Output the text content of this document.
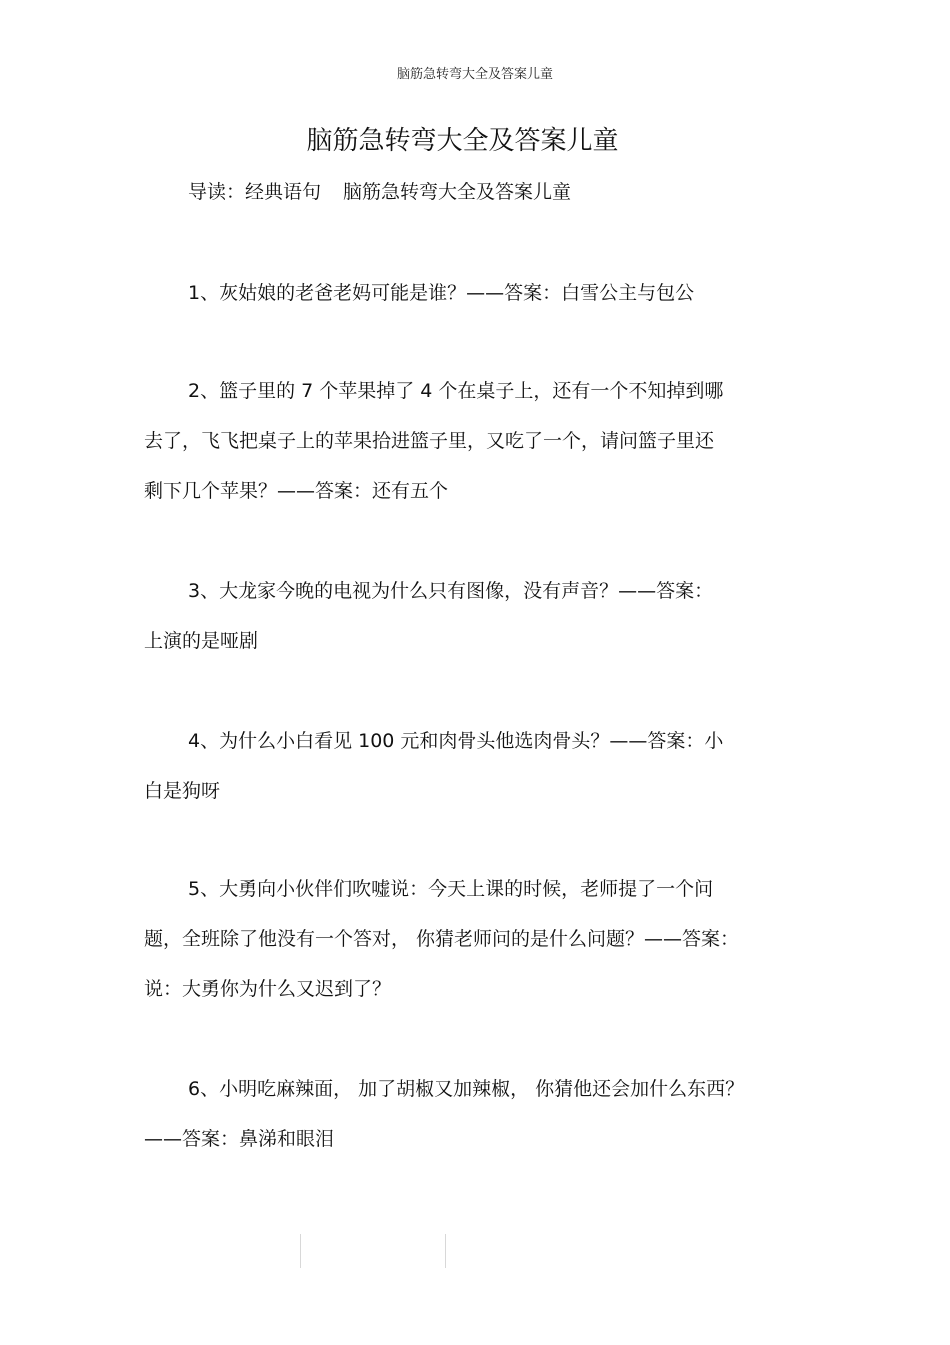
脑筋急转弯大全及答案儿童
脑筋急转弯大全及答案儿童
导读：经典语句 脑筋急转弯大全及答案儿童
1、灰姑娘的老爸老妈可能是谁？——答案：白雪公主与包公
2、篮子里的 7 个苹果掉了 4 个在桌子上，还有一个不知掉到哪
去了，飞飞把桌子上的苹果拾进篮子里，又吃了一个，请问篮子里还
剩下几个苹果？——答案：还有五个
3、大龙家今晚的电视为什么只有图像，没有声音？——答案：
上演的是哑剧
4、为什么小白看见 100 元和肉骨头他选肉骨头？——答案：小
白是狗呀
5、大勇向小伙伴们吹嘘说：今天上课的时候，老师提了一个问
题，全班除了他没有一个答对， 你猜老师问的是什么问题？——答案：
说：大勇你为什么又迟到了？
6、小明吃麻辣面， 加了胡椒又加辣椒， 你猜他还会加什么东西？
——答案：鼻涕和眼泪
